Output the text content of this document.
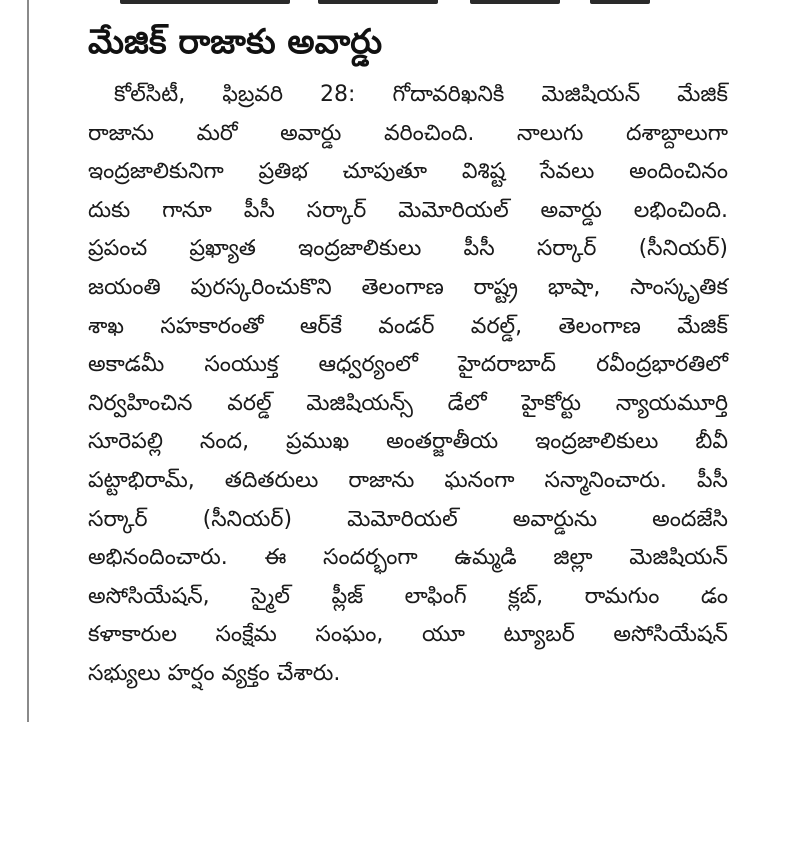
మేజిక్ రాజాకు అవార్డు
కోల్‌సిటీ, ఫిబ్రవరి 28: గోదావరిఖనికి మెజిషియన్ మేజిక్
రాజాను మరో అవార్డు వరించింది. నాలుగు దశాబ్దాలుగా
ఇంద్రజాలికునిగా ప్రతిభ చూపుతూ విశిష్ట సేవలు అందించినం
దుకు గానూ పీసీ సర్కార్ మెమోరియల్ అవార్డు లభించింది.
ప్రపంచ ప్రఖ్యాత ఇంద్రజాలికులు పీసీ సర్కార్ (సీనియర్)
జయంతి పురస్కరించుకొని తెలంగాణ రాష్ట్ర భాషా, సాంస్కృతిక
శాఖ సహకారంతో ఆర్‌కే వండర్ వరల్డ్, తెలంగాణ మేజిక్
అకాడమీ సంయుక్త ఆధ్వర్యంలో హైదరాబాద్ రవీంద్రభారతిలో
నిర్వహించిన వరల్డ్ మెజిషియన్స్ డేలో హైకోర్టు న్యాయమూర్తి
సూరెపల్లి నంద, ప్రముఖ అంతర్జాతీయ ఇంద్రజాలికులు బీవీ
పట్టాభిరామ్, తదితరులు రాజాను ఘనంగా సన్మానించారు. పీసీ
సర్కార్ (సీనియర్) మెమోరియల్ అవార్డును అందజేసి
అభినందించారు. ఈ సందర్భంగా ఉమ్మడి జిల్లా మెజిషియన్
అసోసియేషన్, స్మైల్ ప్లీజ్ లాఫింగ్ క్లబ్, రామగుం డం
కళాకారుల సంక్షేమ సంఘం, యూ ట్యూబర్ అసోసియేషన్
సభ్యులు హర్షం వ్యక్తం చేశారు.
